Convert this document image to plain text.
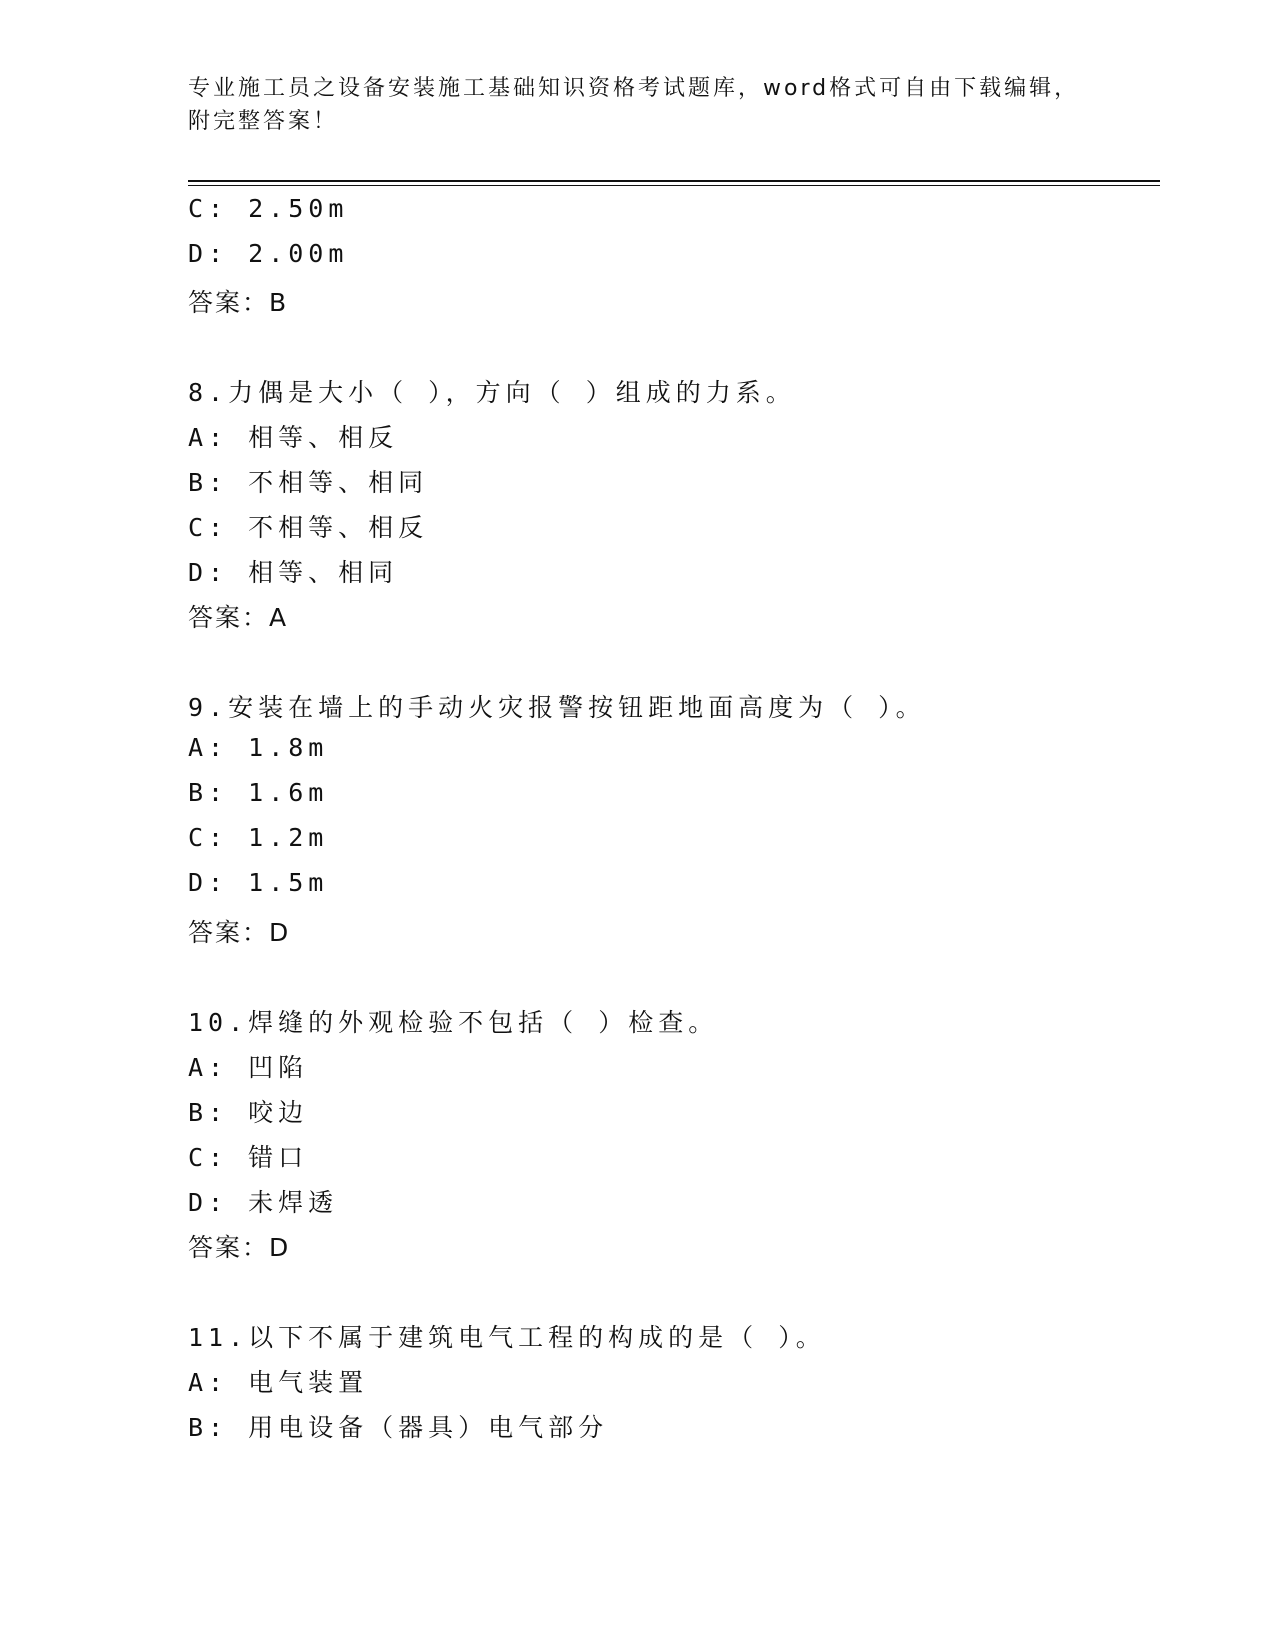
专业施工员之设备安装施工基础知识资格考试题库，word格式可自由下载编辑，
附完整答案！
C: 2.50m
D: 2.00m
答案：B
8.力偶是大小（ ），方向（ ）组成的力系。
A: 相等、相反
B: 不相等、相同
C: 不相等、相反
D: 相等、相同
答案：A
9.安装在墙上的手动火灾报警按钮距地面高度为（ ）。
A: 1.8m
B: 1.6m
C: 1.2m
D: 1.5m
答案：D
10.焊缝的外观检验不包括（ ）检查。
A: 凹陷
B: 咬边
C: 错口
D: 未焊透
答案：D
11.以下不属于建筑电气工程的构成的是（ ）。
A: 电气装置
B: 用电设备（器具）电气部分
